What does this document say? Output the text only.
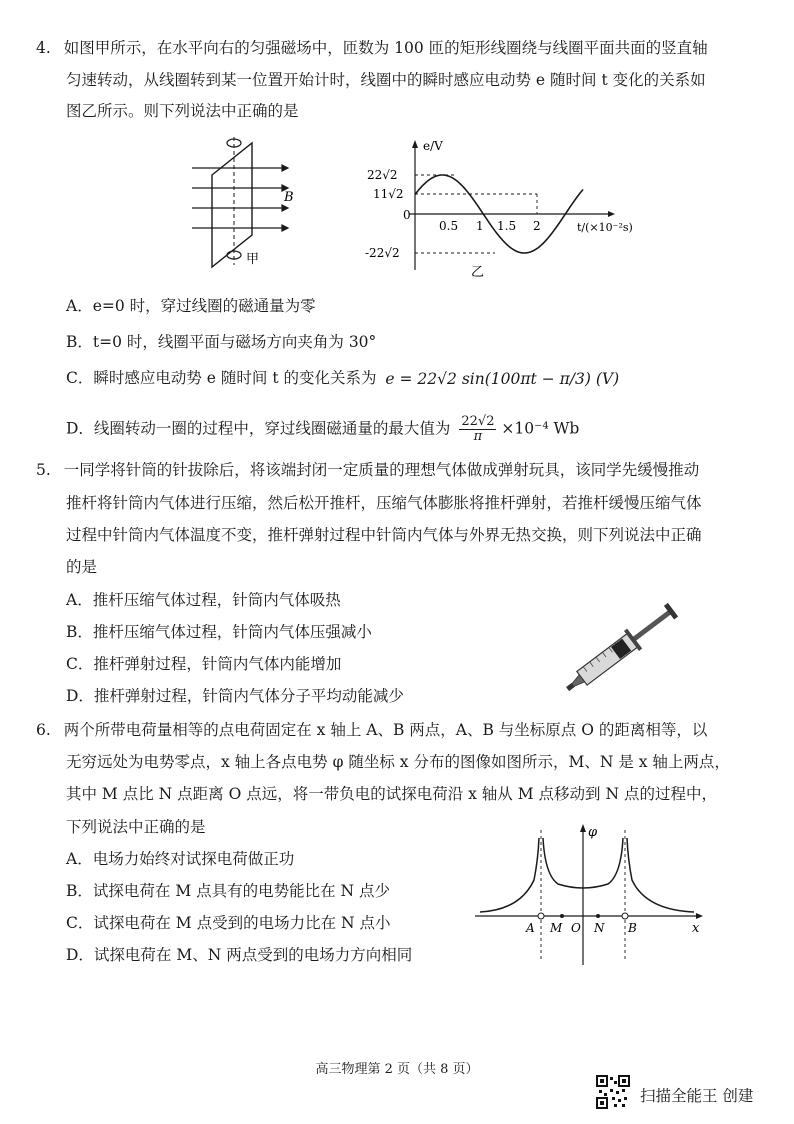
4. 如图甲所示，在水平向右的匀强磁场中，匝数为 100 匝的矩形线圈绕与线圈平面共面的竖直轴
匀速转动，从线圈转到某一位置开始计时，线圈中的瞬时感应电动势 e 随时间 t 变化的关系如
图乙所示。则下列说法中正确的是
B
甲
e/V
22√2
11√2
0
-22√2
0.5 1 1.5 2	t/(×10⁻²s)
乙
A．e=0 时，穿过线圈的磁通量为零
B．t=0 时，线圈平面与磁场方向夹角为 30°
C．瞬时感应电动势 e 随时间 t 的变化关系为 e = 22√2 sin(100πt − π/3) (V)
D．线圈转动一圈的过程中，穿过线圈磁通量的最大值为 $\frac{22√2}{\pi} \times 10^{-4}$ Wb
5. 一同学将针筒的针拔除后，将该端封闭一定质量的理想气体做成弹射玩具，该同学先缓慢推动
推杆将针筒内气体进行压缩，然后松开推杆，压缩气体膨胀将推杆弹射，若推杆缓慢压缩气体
过程中针筒内气体温度不变，推杆弹射过程中针筒内气体与外界无热交换，则下列说法中正确
的是
A．推杆压缩气体过程，针筒内气体吸热
B．推杆压缩气体过程，针筒内气体压强减小
C．推杆弹射过程，针筒内气体内能增加
D．推杆弹射过程，针筒内气体分子平均动能减少
6. 两个所带电荷量相等的点电荷固定在 x 轴上 A、B 两点，A、B 与坐标原点 O 的距离相等，以
无穷远处为电势零点，x 轴上各点电势 φ 随坐标 x 分布的图像如图所示，M、N 是 x 轴上两点，
其中 M 点比 N 点距离 O 点远，将一带负电的试探电荷沿 x 轴从 M 点移动到 N 点的过程中，
下列说法中正确的是
A．电场力始终对试探电荷做正功
B．试探电荷在 M 点具有的电势能比在 N 点少
C．试探电荷在 M 点受到的电场力比在 N 点小
D．试探电荷在 M、N 两点受到的电场力方向相同
φ
x
A M O N B
高三物理第 2 页（共 8 页）
扫描全能王 创建
